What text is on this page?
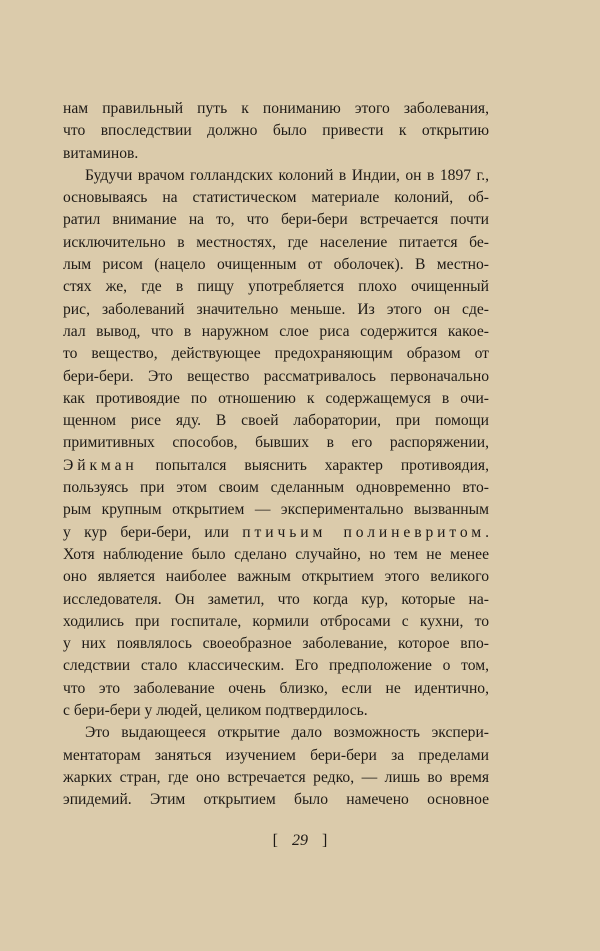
нам правильный путь к пониманию этого заболевания,
что впоследствии должно было привести к открытию
витаминов.
Будучи врачом голландских колоний в Индии, он в 1897 г.,
основываясь на статистическом материале колоний, об-
ратил внимание на то, что бери-бери встречается почти
исключительно в местностях, где население питается бе-
лым рисом (нацело очищенным от оболочек). В местно-
стях же, где в пищу употребляется плохо очищенный
рис, заболеваний значительно меньше. Из этого он сде-
лал вывод, что в наружном слое риса содержится какое-
то вещество, действующее предохраняющим образом от
бери-бери. Это вещество рассматривалось первоначально
как противоядие по отношению к содержащемуся в очи-
щенном рисе яду. В своей лаборатории, при помощи
примитивных способов, бывших в его распоряжении,
Эйкман попытался выяснить характер противоядия,
пользуясь при этом своим сделанным одновременно вто-
рым крупным открытием — экспериментально вызванным
у кур бери-бери, или птичьим полиневритом.
Хотя наблюдение было сделано случайно, но тем не менее
оно является наиболее важным открытием этого великого
исследователя. Он заметил, что когда кур, которые на-
ходились при госпитале, кормили отбросами с кухни, то
у них появлялось своеобразное заболевание, которое впо-
следствии стало классическим. Его предположение о том,
что это заболевание очень близко, если не идентично,
с бери-бери у людей, целиком подтвердилось.
Это выдающееся открытие дало возможность экспери-
ментаторам заняться изучением бери-бери за пределами
жарких стран, где оно встречается редко, — лишь во время
эпидемий. Этим открытием было намечено основное
[ 29 ]
